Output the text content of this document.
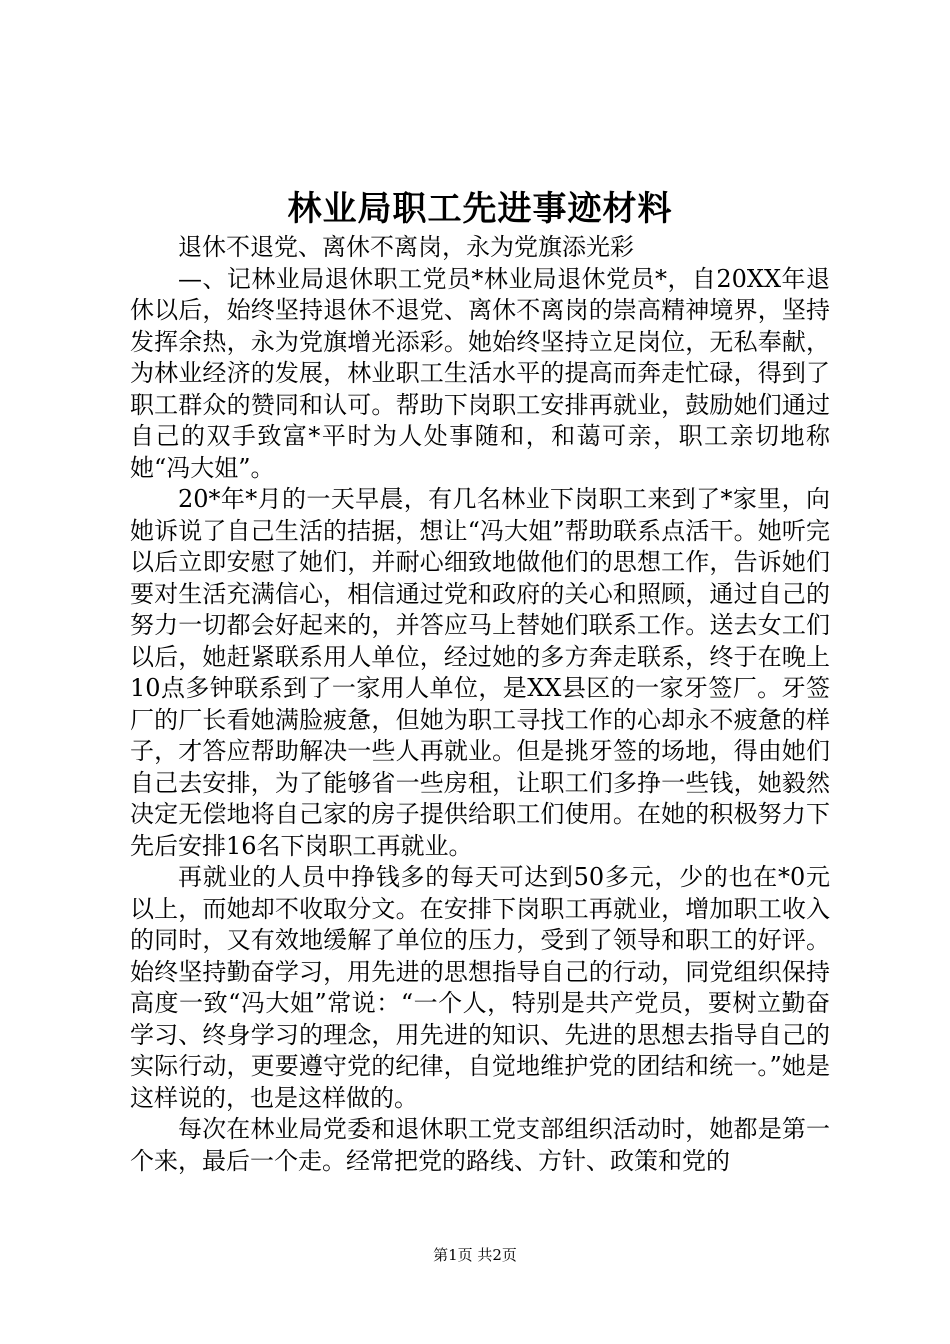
林业局职工先进事迹材料

退休不退党、离休不离岗，永为党旗添光彩

—、记林业局退休职工党员*林业局退休党员*，自20XX年退休以后，始终坚持退休不退党、离休不离岗的崇高精神境界，坚持发挥余热，永为党旗增光添彩。她始终坚持立足岗位，无私奉献，为林业经济的发展，林业职工生活水平的提高而奔走忙碌，得到了职工群众的赞同和认可。帮助下岗职工安排再就业，鼓励她们通过自己的双手致富*平时为人处事随和，和蔼可亲，职工亲切地称她“冯大姐”。

20*年*月的一天早晨，有几名林业下岗职工来到了*家里，向她诉说了自己生活的拮据，想让“冯大姐”帮助联系点活干。她听完以后立即安慰了她们，并耐心细致地做他们的思想工作，告诉她们要对生活充满信心，相信通过党和政府的关心和照顾，通过自己的努力一切都会好起来的，并答应马上替她们联系工作。送去女工们以后，她赶紧联系用人单位，经过她的多方奔走联系，终于在晚上10点多钟联系到了一家用人单位，是XX县区的一家牙签厂。牙签厂的厂长看她满脸疲惫，但她为职工寻找工作的心却永不疲惫的样子，才答应帮助解决一些人再就业。但是挑牙签的场地，得由她们自己去安排，为了能够省一些房租，让职工们多挣一些钱，她毅然决定无偿地将自己家的房子提供给职工们使用。在她的积极努力下先后安排16名下岗职工再就业。

再就业的人员中挣钱多的每天可达到50多元，少的也在*0元以上，而她却不收取分文。在安排下岗职工再就业，增加职工收入的同时，又有效地缓解了单位的压力，受到了领导和职工的好评。始终坚持勤奋学习，用先进的思想指导自己的行动，同党组织保持高度一致“冯大姐”常说：“一个人，特别是共产党员，要树立勤奋学习、终身学习的理念，用先进的知识、先进的思想去指导自己的实际行动，更要遵守党的纪律，自觉地维护党的团结和统一。”她是这样说的，也是这样做的。

每次在林业局党委和退休职工党支部组织活动时，她都是第一个来，最后一个走。经常把党的路线、方针、政策和党的

第1页 共2页
